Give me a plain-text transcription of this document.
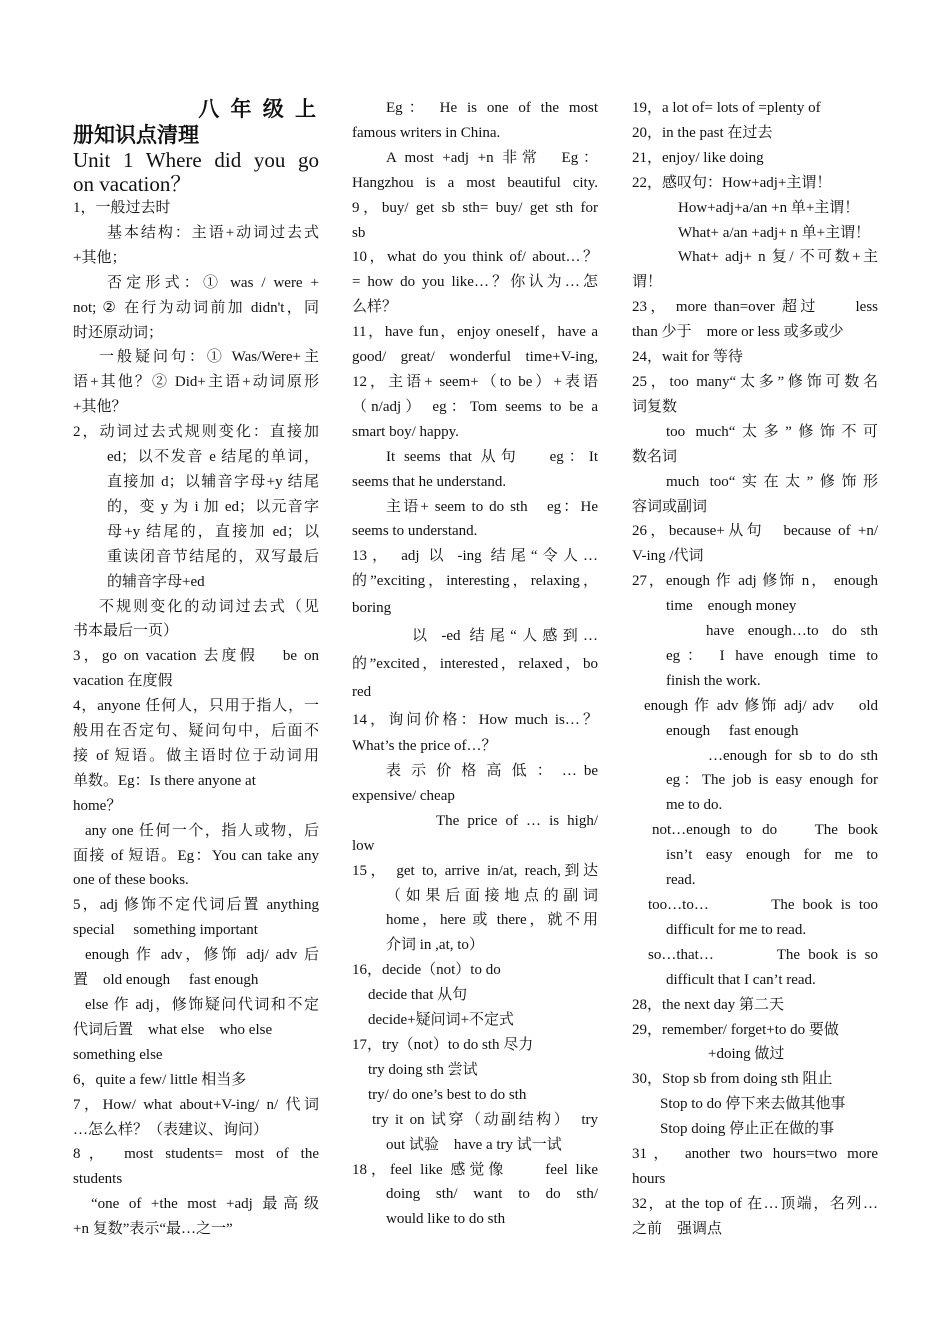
八 年 级 上
册知识点清理
Unit 1 Where did you go
on vacation？
1，一般过去时
基本结构：主语+动词过去式
+其他；
否定形式：① was / were +
not; ② 在行为动词前加 didn't，同
时还原动词；
一般疑问句：① Was/Were+主
语+其他？② Did+主语+动词原形
+其他？
2，动词过去式规则变化：直接加
ed；以不发音 e 结尾的单词，
直接加 d；以辅音字母+y 结尾
的，变 y 为 i 加 ed；以元音字
母+y 结尾的，直接加 ed；以
重读闭音节结尾的，双写最后
的辅音字母+ed
不规则变化的动词过去式（见
书本最后一页）
3，go on vacation 去度假　 be on
vacation 在度假
4，anyone 任何人，只用于指人，一
般用在否定句、疑问句中，后面不
接 of 短语。做主语时位于动词用
单数。Eg：Is there anyone at
home？
any one 任何一个，指人或物，后
面接 of 短语。Eg：You can take any
one of these books.
5，adj 修饰不定代词后置 anything
special　 something important
enough 作 adv，修饰 adj/ adv 后
置　old enough　 fast enough
else 作 adj，修饰疑问代词和不定
代词后置　what else　who else
something else
6，quite a few/ little 相当多
7，How/ what about+V-ing/ n/ 代词
…怎么样？（表建议、询问）
8， most students= most of the
students
“one of +the most +adj 最高级
+n 复数”表示“最…之一”
Eg： He is one of the most
famous writers in China.
A most +adj +n 非常　Eg：
Hangzhou is a most beautiful city.
9，buy/ get sb sth= buy/ get sth for
sb
10，what do you think of/ about…？
= how do you like…？你认为…怎
么样？
11，have fun，enjoy oneself，have a
good/ great/ wonderful time+V-ing,
12，主语+ seem+（to be）+表语
（n/adj） eg：Tom seems to be a
smart boy/ happy.
It seems that 从句　 eg：It
seems that he understand.
主语+ seem to do sth　eg：He
seems to understand.
13， adj 以 -ing 结尾“令人…
的”exciting，interesting，relaxing，
boring
以 -ed 结尾“人感到…
的”excited，interested，relaxed，bo
red
14，询问价格：How much is…？
What’s the price of…？
表 示 价 格 高 低 ： … be
expensive/ cheap
The price of … is high/
low
15， get to, arrive in/at, reach,到达
（如果后面接地点的副词
home，here 或 there，就不用
介词 in ,at, to）
16，decide（not）to do
decide that 从句
decide+疑问词+不定式
17，try（not）to do sth 尽力
try doing sth 尝试
try/ do one’s best to do sth
try it on 试穿（动副结构）　try
out 试验　have a try 试一试
18，feel like 感觉像　　feel like
doing sth/ want to do sth/
would like to do sth
19，a lot of= lots of =plenty of
20，in the past 在过去
21，enjoy/ like doing
22，感叹句：How+adj+主谓！
How+adj+a/an +n 单+主谓！
What+ a/an +adj+ n 单+主谓！
What+ adj+ n 复/ 不可数+主
谓！
23， more than=over 超过　　less
than 少于　more or less 或多或少
24，wait for 等待
25，too many“太多”修饰可数名
词复数
too much“太多”修饰不可
数名词
much too“实在太”修饰形
容词或副词
26，because+从句　because of +n/
V-ing /代词
27，enough 作 adj 修饰 n， enough
time　enough money
have enough…to do sth
eg： I have enough time to
finish the work.
enough 作 adv 修饰 adj/ adv　 old
enough　 fast enough
…enough for sb to do sth
eg：The job is easy enough for
me to do.
not…enough to do　 The book
isn’t easy enough for me to
read.
too…to…　　　The book is too
difficult for me to read.
so…that…　　　The book is so
difficult that I can’t read.
28，the next day 第二天
29，remember/ forget+to do 要做
+doing 做过
30，Stop sb from doing sth 阻止
Stop to do 停下来去做其他事
Stop doing 停止正在做的事
31， another two hours=two more
hours
32，at the top of 在…顶端，名列…
之前　强调点
